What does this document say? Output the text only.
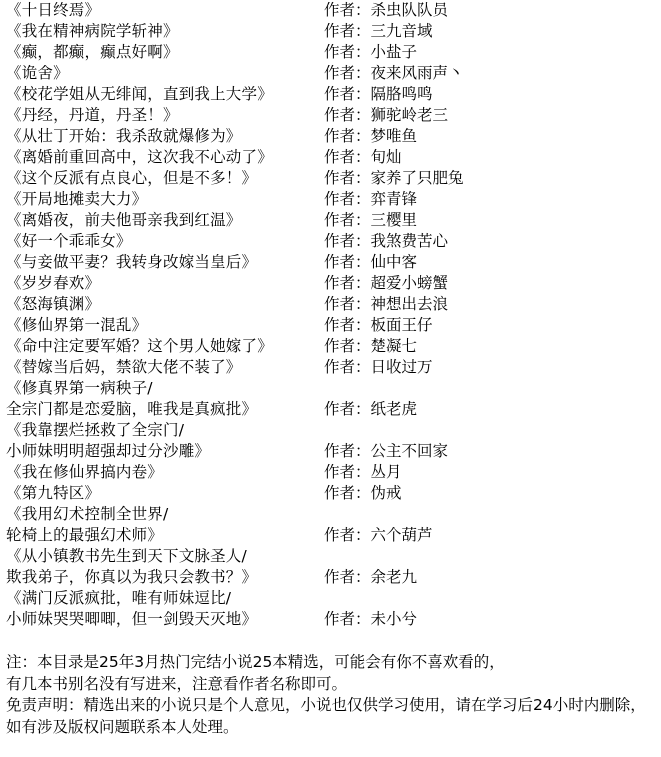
《十日终焉》	作者：杀虫队队员
《我在精神病院学斩神》	作者：三九音域
《癫，都癫，癫点好啊》	作者：小盐子
《诡舍》	作者：夜来风雨声丶
《校花学姐从无绯闻，直到我上大学》	作者：隔胳鸣鸣
《丹经，丹道，丹圣！》	作者：狮驼岭老三
《从壮丁开始：我杀敌就爆修为》	作者：梦唯鱼
《离婚前重回高中，这次我不心动了》	作者：旬灿
《这个反派有点良心，但是不多！》	作者：家养了只肥兔
《开局地摊卖大力》	作者：弈青锋
《离婚夜，前夫他哥亲我到红温》	作者：三樱里
《好一个乖乖女》	作者：我煞费苦心
《与妾做平妻？我转身改嫁当皇后》	作者：仙中客
《岁岁春欢》	作者：超爱小螃蟹
《怒海镇渊》	作者：神想出去浪
《修仙界第一混乱》	作者：板面王仔
《命中注定要军婚？这个男人她嫁了》	作者：楚凝七
《替嫁当后妈，禁欲大佬不装了》	作者：日收过万
《修真界第一病秧子/
全宗门都是恋爱脑，唯我是真疯批》	作者：纸老虎
《我靠摆烂拯救了全宗门/
小师妹明明超强却过分沙雕》	作者：公主不回家
《我在修仙界搞内卷》	作者：丛月
《第九特区》	作者：伪戒
《我用幻术控制全世界/
轮椅上的最强幻术师》	作者：六个葫芦
《从小镇教书先生到天下文脉圣人/
欺我弟子，你真以为我只会教书？》	作者：余老九
《满门反派疯批，唯有师妹逗比/
小师妹哭哭唧唧，但一剑毁天灭地》	作者：未小兮
注：本目录是25年3月热门完结小说25本精选，可能会有你不喜欢看的，
有几本书别名没有写进来，注意看作者名称即可。
免责声明：精选出来的小说只是个人意见，小说也仅供学习使用，请在学习后24小时内删除，
如有涉及版权问题联系本人处理。
